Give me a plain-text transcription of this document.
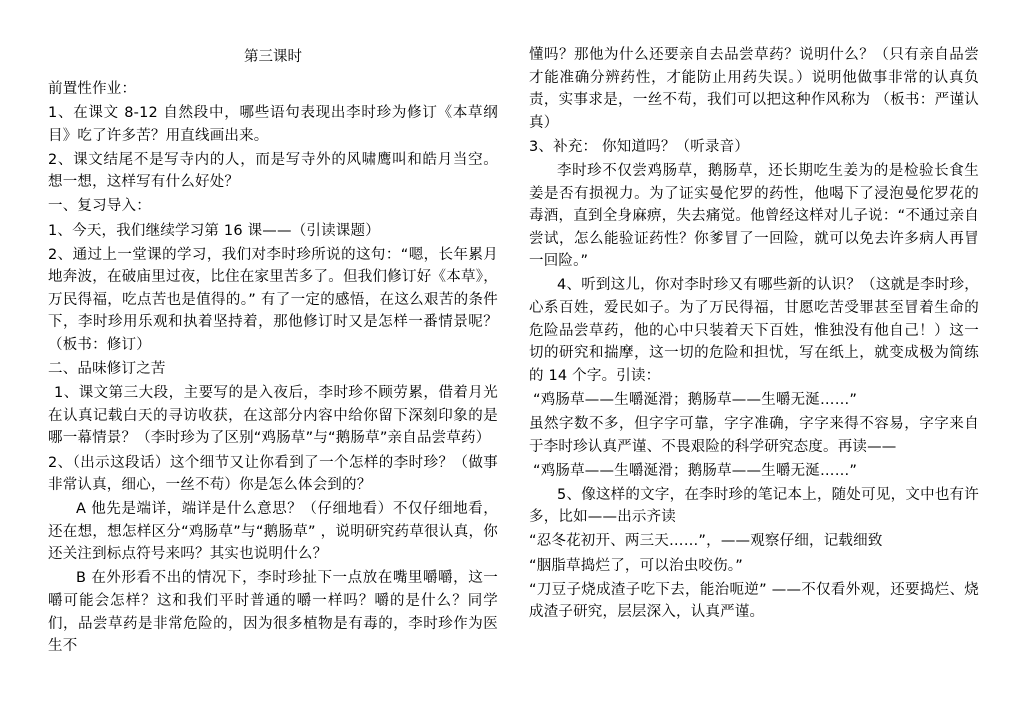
第三课时

前置性作业：

1、在课文 8-12 自然段中，哪些语句表现出李时珍为修订《本草纲目》吃了许多苦？用直线画出来。

2、课文结尾不是写寺内的人，而是写寺外的风啸鹰叫和皓月当空。想一想，这样写有什么好处？

一、复习导入：

1、今天，我们继续学习第 16 课——（引读课题）

2、通过上一堂课的学习，我们对李时珍所说的这句：“嗯，长年累月地奔波，在破庙里过夜，比住在家里苦多了。但我们修订好《本草》，万民得福，吃点苦也是值得的。” 有了一定的感悟，在这么艰苦的条件下，李时珍用乐观和执着坚持着，那他修订时又是怎样一番情景呢？（板书：修订）

二、品味修订之苦

1、课文第三大段，主要写的是入夜后，李时珍不顾劳累，借着月光在认真记载白天的寻访收获，在这部分内容中给你留下深刻印象的是哪一幕情景？（李时珍为了区别“鸡肠草”与“鹅肠草”亲自品尝草药）

2、（出示这段话）这个细节又让你看到了一个怎样的李时珍？（做事非常认真，细心，一丝不苟）你是怎么体会到的？

A 他先是端详，端详是什么意思？（仔细地看）不仅仔细地看，还在想，想怎样区分“鸡肠草”与“鹅肠草” ，说明研究药草很认真，你还关注到标点符号来吗？其实也说明什么？

B 在外形看不出的情况下，李时珍扯下一点放在嘴里嚼嚼，这一嚼可能会怎样？这和我们平时普通的嚼一样吗？嚼的是什么？同学们，品尝草药是非常危险的，因为很多植物是有毒的，李时珍作为医生不

懂吗？那他为什么还要亲自去品尝草药？说明什么？（只有亲自品尝才能准确分辨药性，才能防止用药失误。）说明他做事非常的认真负责，实事求是，一丝不苟，我们可以把这种作风称为 （板书：严谨认真）

3、补充： 你知道吗？（听录音）

李时珍不仅尝鸡肠草，鹅肠草，还长期吃生姜为的是检验长食生姜是否有损视力。为了证实曼佗罗的药性，他喝下了浸泡曼佗罗花的毒酒，直到全身麻痹，失去痛觉。他曾经这样对儿子说：“不通过亲自尝试，怎么能验证药性？你爹冒了一回险，就可以免去许多病人再冒一回险。”

4、听到这儿，你对李时珍又有哪些新的认识？（这就是李时珍，心系百姓，爱民如子。为了万民得福，甘愿吃苦受罪甚至冒着生命的危险品尝草药，他的心中只装着天下百姓，惟独没有他自己！）这一切的研究和揣摩，这一切的危险和担忧，写在纸上，就变成极为简练的 14 个字。引读：

“鸡肠草——生嚼涎滑；鹅肠草——生嚼无涎……”

虽然字数不多，但字字可靠，字字准确，字字来得不容易，字字来自于李时珍认真严谨、不畏艰险的科学研究态度。再读——

“鸡肠草——生嚼涎滑；鹅肠草——生嚼无涎……”

5、像这样的文字，在李时珍的笔记本上，随处可见，文中也有许多，比如——出示齐读

“忍冬花初开、两三天……”，——观察仔细，记载细致

“胭脂草捣烂了，可以治虫咬伤。”

“刀豆子烧成渣子吃下去，能治呃逆” ——不仅看外观，还要捣烂、烧成渣子研究，层层深入，认真严谨。
